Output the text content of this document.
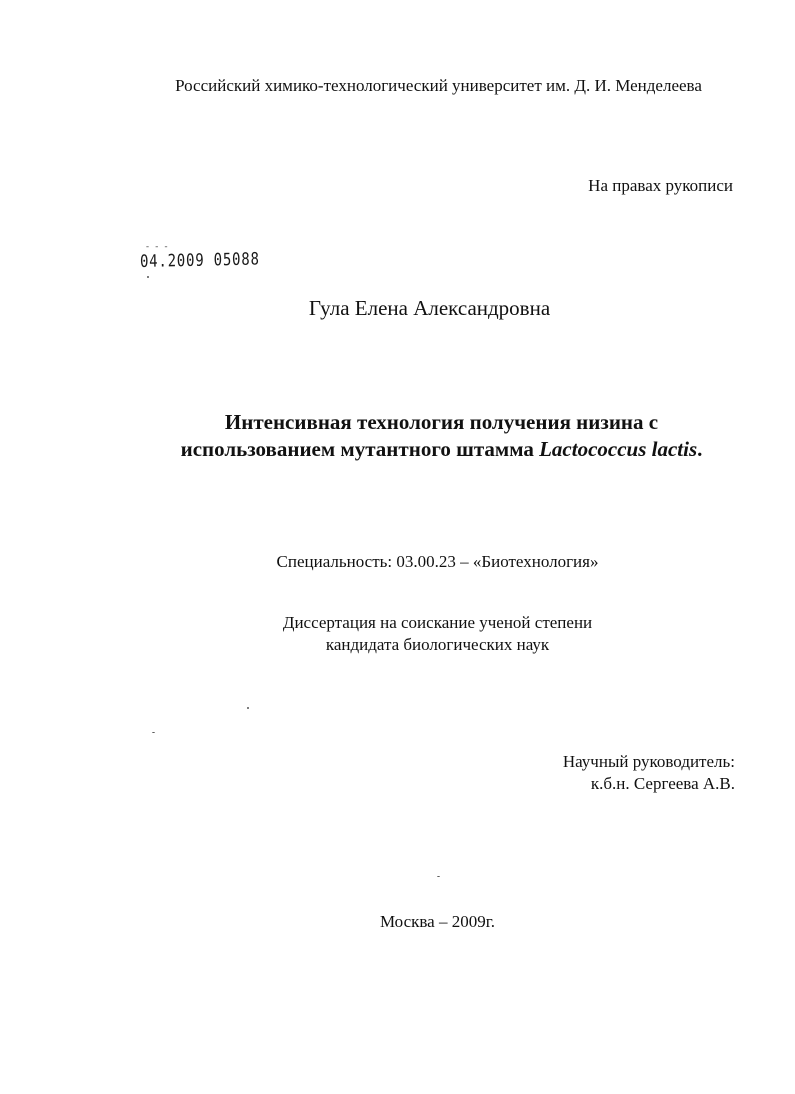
Российский химико-технологический университет им. Д. И. Менделеева
На правах рукописи
- - -
04.2009 05088
Гула Елена Александровна
Интенсивная технология получения низина с
использованием мутантного штамма Lactococcus lactis.
Специальность: 03.00.23 – «Биотехнология»
Диссертация на соискание ученой степени
кандидата биологических наук
Научный руководитель:
к.б.н. Сергеева А.В.
Москва – 2009г.
